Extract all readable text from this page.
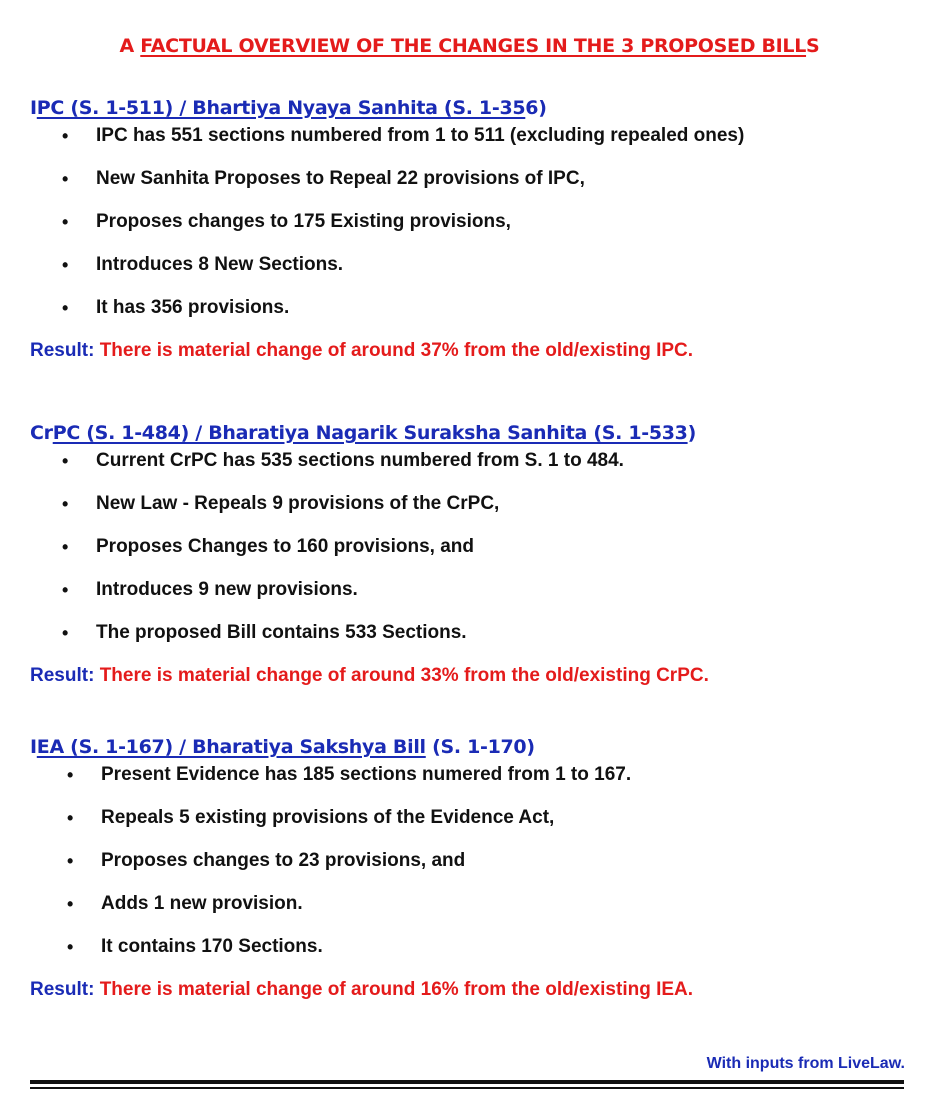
A FACTUAL OVERVIEW OF THE CHANGES IN THE 3 PROPOSED BILLS
IPC (S. 1-511) / Bhartiya Nyaya Sanhita (S. 1-356)
• IPC has 551 sections numbered from 1 to 511 (excluding repealed ones)
• New Sanhita Proposes to Repeal 22 provisions of IPC,
• Proposes changes to 175 Existing provisions,
• Introduces 8 New Sections.
• It has 356 provisions.
Result: There is material change of around 37% from the old/existing IPC.
CrPC (S. 1-484) / Bharatiya Nagarik Suraksha Sanhita (S. 1-533)
• Current CrPC has 535 sections numbered from S. 1 to 484.
• New Law - Repeals 9 provisions of the CrPC,
• Proposes Changes to 160 provisions, and
• Introduces 9 new provisions.
• The proposed Bill contains 533 Sections.
Result: There is material change of around 33% from the old/existing CrPC.
IEA (S. 1-167) / Bharatiya Sakshya Bill (S. 1-170)
• Present Evidence has 185 sections numered from 1 to 167.
• Repeals 5 existing provisions of the Evidence Act,
• Proposes changes to 23 provisions, and
• Adds 1 new provision.
• It contains 170 Sections.
Result: There is material change of around 16% from the old/existing IEA.
With inputs from LiveLaw.
